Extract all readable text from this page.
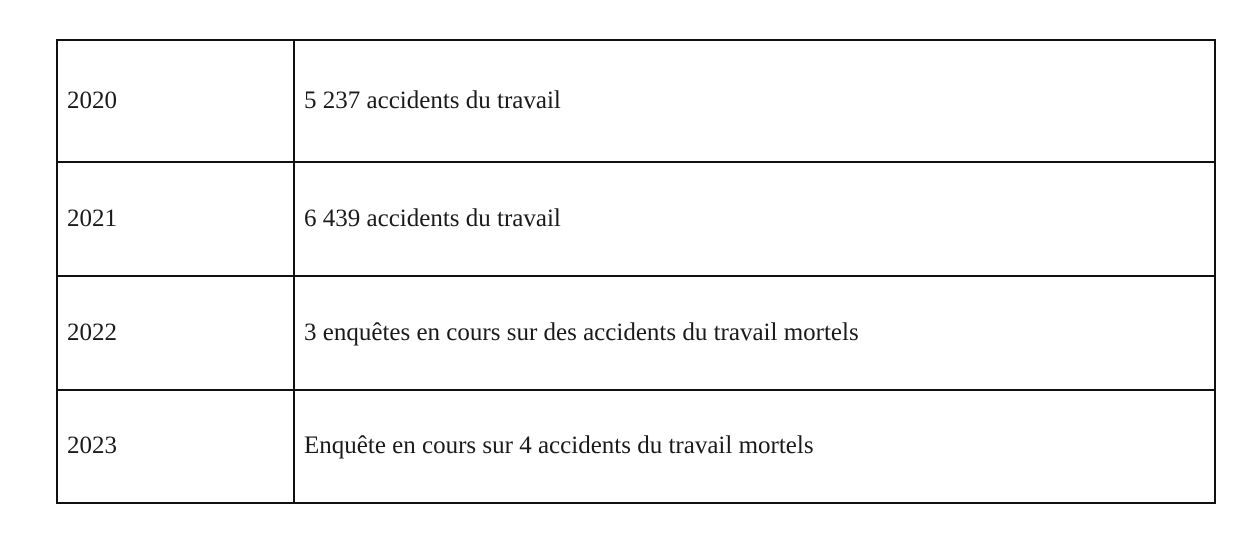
2020	5 237 accidents du travail
2021	6 439 accidents du travail
2022	3 enquêtes en cours sur des accidents du travail mortels
2023	Enquête en cours sur 4 accidents du travail mortels
